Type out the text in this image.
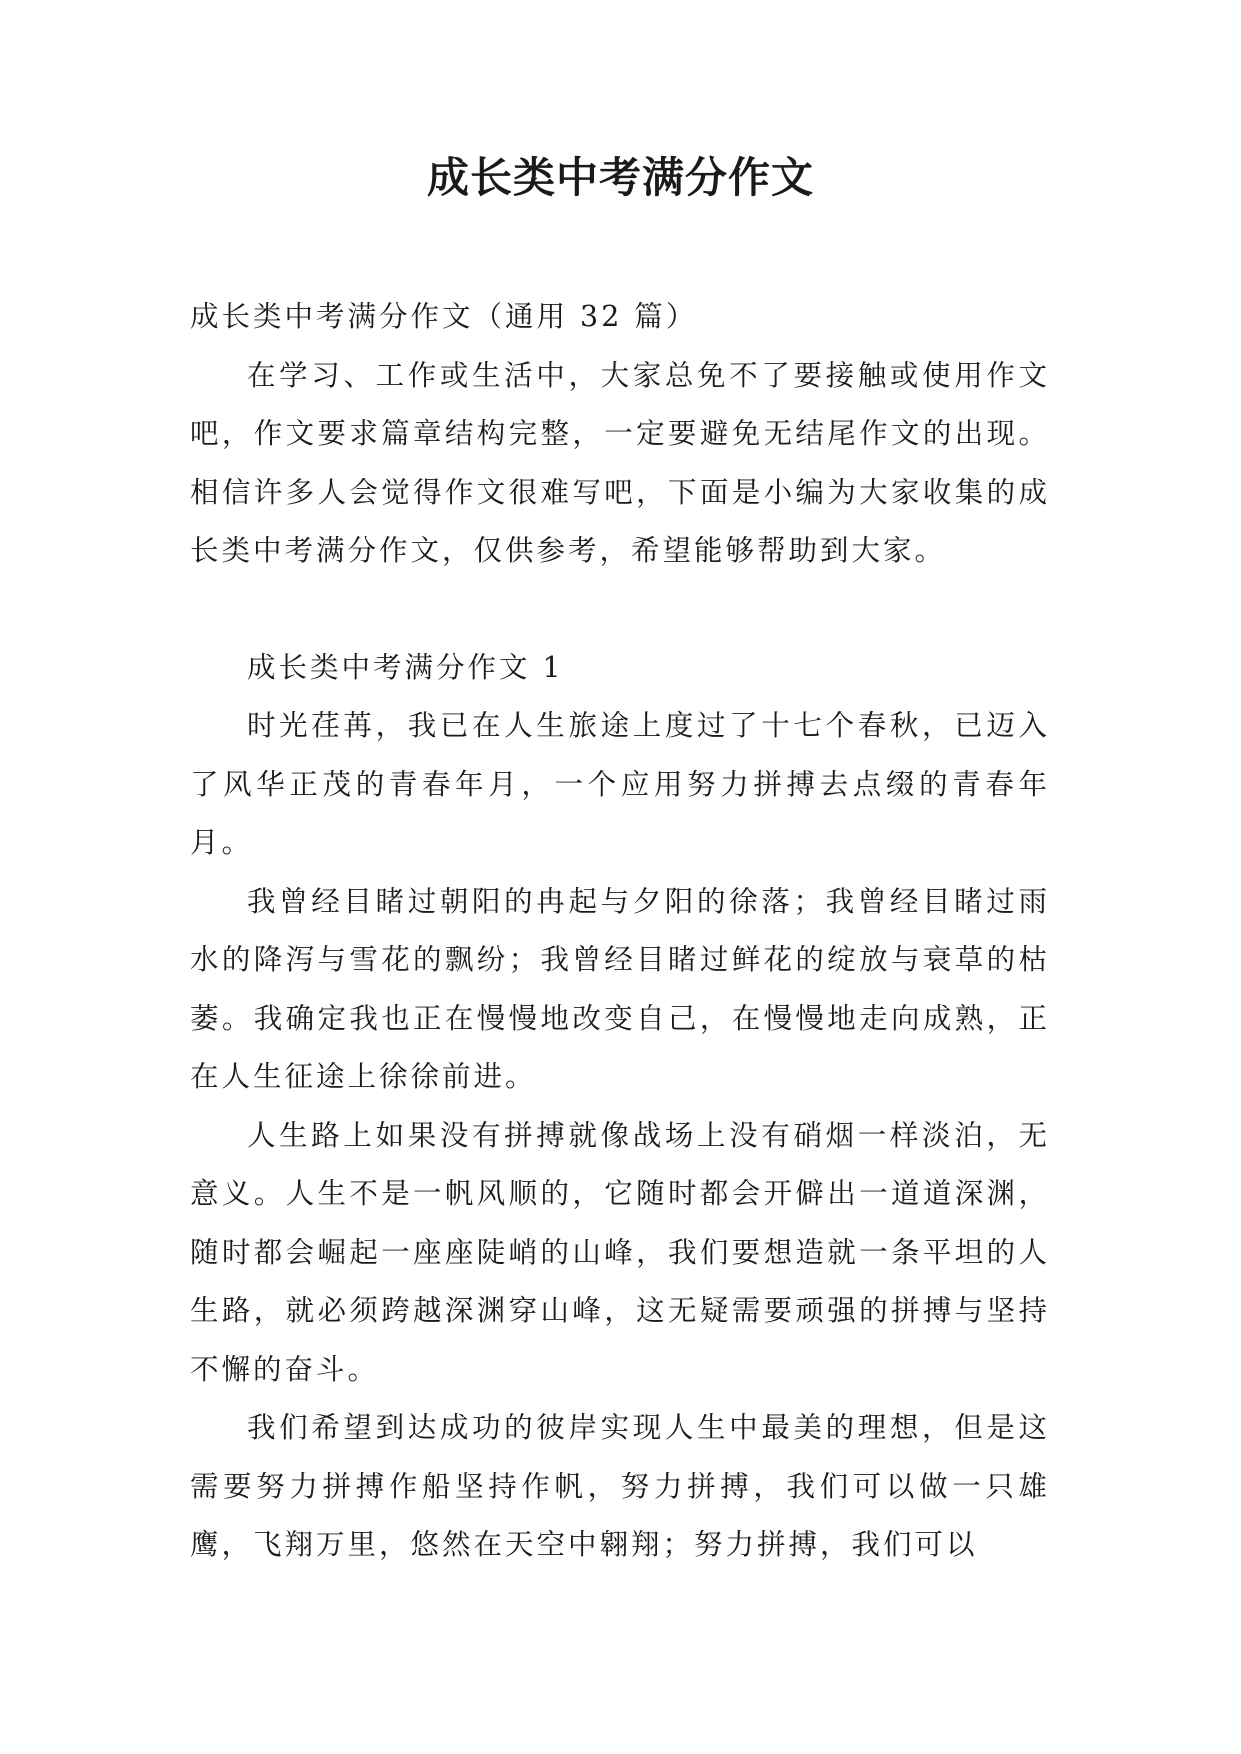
成长类中考满分作文

成长类中考满分作文（通用 32 篇）

在学习、工作或生活中，大家总免不了要接触或使用作文吧，作文要求篇章结构完整，一定要避免无结尾作文的出现。相信许多人会觉得作文很难写吧，下面是小编为大家收集的成长类中考满分作文，仅供参考，希望能够帮助到大家。

成长类中考满分作文 1

时光荏苒，我已在人生旅途上度过了十七个春秋，已迈入了风华正茂的青春年月，一个应用努力拼搏去点缀的青春年月。

我曾经目睹过朝阳的冉起与夕阳的徐落；我曾经目睹过雨水的降泻与雪花的飘纷；我曾经目睹过鲜花的绽放与衰草的枯萎。我确定我也正在慢慢地改变自己，在慢慢地走向成熟，正在人生征途上徐徐前进。

人生路上如果没有拼搏就像战场上没有硝烟一样淡泊，无意义。人生不是一帆风顺的，它随时都会开僻出一道道深渊，随时都会崛起一座座陡峭的山峰，我们要想造就一条平坦的人生路，就必须跨越深渊穿山峰，这无疑需要顽强的拼搏与坚持不懈的奋斗。

我们希望到达成功的彼岸实现人生中最美的理想，但是这需要努力拼搏作船坚持作帆，努力拼搏，我们可以做一只雄鹰，飞翔万里，悠然在天空中翱翔；努力拼搏，我们可以
